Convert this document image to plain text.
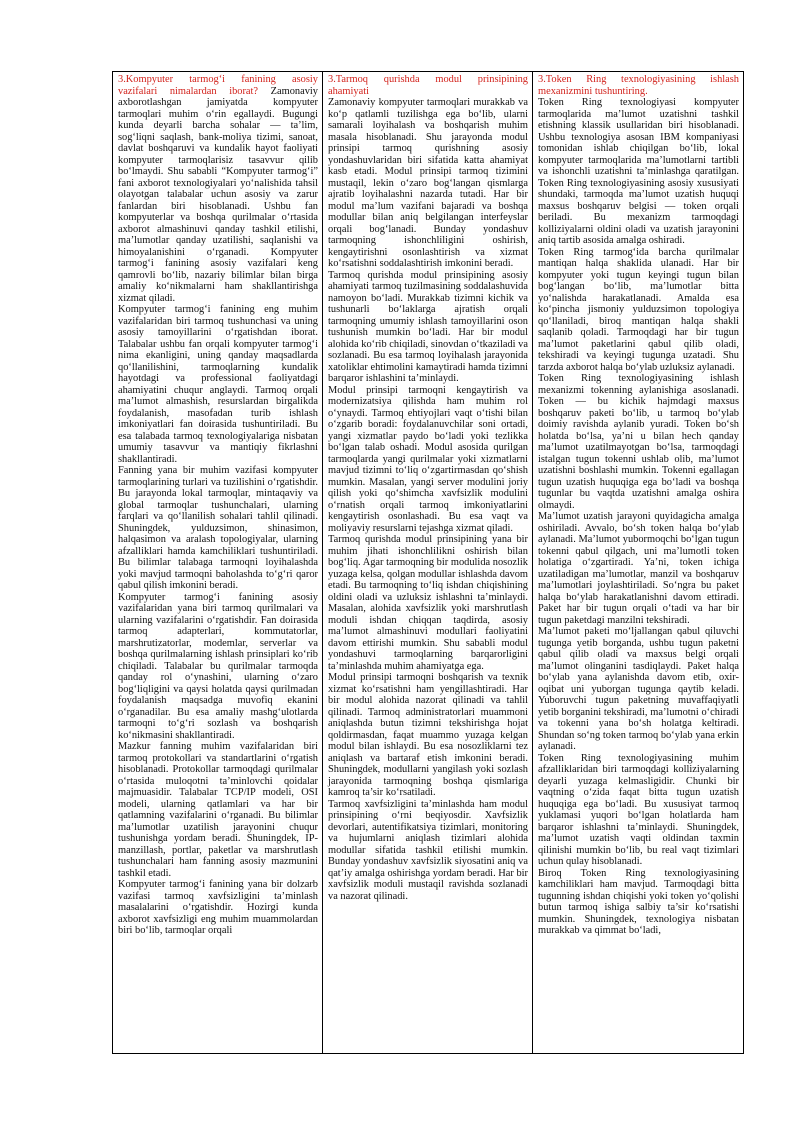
3.Kompyuter tarmog‘i fanining asosiy vazifalari nimalardan iborat? Zamonaviy axborotlashgan jamiyatda kompyuter tarmoqlari muhim o‘rin egallaydi. Bugungi kunda deyarli barcha sohalar — ta’lim, sog‘liqni saqlash, bank-moliya tizimi, sanoat, davlat boshqaruvi va kundalik hayot faoliyati kompyuter tarmoqlarisiz tasavvur qilib bo‘lmaydi. Shu sababli “Kompyuter tarmog‘i” fani axborot texnologiyalari yo‘nalishida tahsil olayotgan talabalar uchun asosiy va zarur fanlardan biri hisoblanadi. Ushbu fan kompyuterlar va boshqa qurilmalar o‘rtasida axborot almashinuvi qanday tashkil etilishi, ma’lumotlar qanday uzatilishi, saqlanishi va himoyalanishini o‘rganadi. Kompyuter tarmog‘i fanining asosiy vazifalari keng qamrovli bo‘lib, nazariy bilimlar bilan birga amaliy ko‘nikmalarni ham shakllantirishga xizmat qiladi.

Kompyuter tarmog‘i fanining eng muhim vazifalaridan biri tarmoq tushunchasi va uning asosiy tamoyillarini o‘rgatishdan iborat. Talabalar ushbu fan orqali kompyuter tarmog‘i nima ekanligini, uning qanday maqsadlarda qo‘llanilishini, tarmoqlarning kundalik hayotdagi va professional faoliyatdagi ahamiyatini chuqur anglaydi. Tarmoq orqali ma’lumot almashish, resurslardan birgalikda foydalanish, masofadan turib ishlash imkoniyatlari fan doirasida tushuntiriladi. Bu esa talabada tarmoq texnologiyalariga nisbatan umumiy tasavvur va mantiqiy fikrlashni shakllantiradi.

Fanning yana bir muhim vazifasi kompyuter tarmoqlarining turlari va tuzilishini o‘rgatishdir. Bu jarayonda lokal tarmoqlar, mintaqaviy va global tarmoqlar tushunchalari, ularning farqlari va qo‘llanilish sohalari tahlil qilinadi. Shuningdek, yulduzsimon, shinasimon, halqasimon va aralash topologiyalar, ularning afzalliklari hamda kamchiliklari tushuntiriladi. Bu bilimlar talabaga tarmoqni loyihalashda yoki mavjud tarmoqni baholashda to‘g‘ri qaror qabul qilish imkonini beradi.

Kompyuter tarmog‘i fanining asosiy vazifalaridan yana biri tarmoq qurilmalari va ularning vazifalarini o‘rgatishdir. Fan doirasida tarmoq adapterlari, kommutatorlar, marshrutizatorlar, modemlar, serverlar va boshqa qurilmalarning ishlash prinsiplari ko‘rib chiqiladi. Talabalar bu qurilmalar tarmoqda qanday rol o‘ynashini, ularning o‘zaro bog‘liqligini va qaysi holatda qaysi qurilmadan foydalanish maqsadga muvofiq ekanini o‘rganadilar. Bu esa amaliy mashg‘ulotlarda tarmoqni to‘g‘ri sozlash va boshqarish ko‘nikmasini shakllantiradi.

Mazkur fanning muhim vazifalaridan biri tarmoq protokollari va standartlarini o‘rgatish hisoblanadi. Protokollar tarmoqdagi qurilmalar o‘rtasida muloqotni ta’minlovchi qoidalar majmuasidir. Talabalar TCP/IP modeli, OSI modeli, ularning qatlamlari va har bir qatlamning vazifalarini o‘rganadi. Bu bilimlar ma’lumotlar uzatilish jarayonini chuqur tushunishga yordam beradi. Shuningdek, IP-manzillash, portlar, paketlar va marshrutlash tushunchalari ham fanning asosiy mazmunini tashkil etadi.

Kompyuter tarmog‘i fanining yana bir dolzarb vazifasi tarmoq xavfsizligini ta’minlash masalalarini o‘rgatishdir. Hozirgi kunda axborot xavfsizligi eng muhim muammolardan biri bo‘lib, tarmoqlar orqali

3.Tarmoq qurishda modul prinsipining ahamiyati

Zamonaviy kompyuter tarmoqlari murakkab va ko‘p qatlamli tuzilishga ega bo‘lib, ularni samarali loyihalash va boshqarish muhim masala hisoblanadi. Shu jarayonda modul prinsipi tarmoq qurishning asosiy yondashuvlaridan biri sifatida katta ahamiyat kasb etadi. Modul prinsipi tarmoq tizimini mustaqil, lekin o‘zaro bog‘langan qismlarga ajratib loyihalashni nazarda tutadi. Har bir modul ma’lum vazifani bajaradi va boshqa modullar bilan aniq belgilangan interfeyslar orqali bog‘lanadi. Bunday yondashuv tarmoqning ishonchliligini oshirish, kengaytirishni osonlashtirish va xizmat ko‘rsatishni soddalashtirish imkonini beradi.

Tarmoq qurishda modul prinsipining asosiy ahamiyati tarmoq tuzilmasining soddalashuvida namoyon bo‘ladi. Murakkab tizimni kichik va tushunarli bo‘laklarga ajratish orqali tarmoqning umumiy ishlash tamoyillarini oson tushunish mumkin bo‘ladi. Har bir modul alohida ko‘rib chiqiladi, sinovdan o‘tkaziladi va sozlanadi. Bu esa tarmoq loyihalash jarayonida xatoliklar ehtimolini kamaytiradi hamda tizimni barqaror ishlashini ta’minlaydi.

Modul prinsipi tarmoqni kengaytirish va modernizatsiya qilishda ham muhim rol o‘ynaydi. Tarmoq ehtiyojlari vaqt o‘tishi bilan o‘zgarib boradi: foydalanuvchilar soni ortadi, yangi xizmatlar paydo bo‘ladi yoki tezlikka bo‘lgan talab oshadi. Modul asosida qurilgan tarmoqlarda yangi qurilmalar yoki xizmatlarni mavjud tizimni to‘liq o‘zgartirmasdan qo‘shish mumkin. Masalan, yangi server modulini joriy qilish yoki qo‘shimcha xavfsizlik modulini o‘rnatish orqali tarmoq imkoniyatlarini kengaytirish osonlashadi. Bu esa vaqt va moliyaviy resurslarni tejashga xizmat qiladi.

Tarmoq qurishda modul prinsipining yana bir muhim jihati ishonchlilikni oshirish bilan bog‘liq. Agar tarmoqning bir modulida nosozlik yuzaga kelsa, qolgan modullar ishlashda davom etadi. Bu tarmoqning to‘liq ishdan chiqishining oldini oladi va uzluksiz ishlashni ta’minlaydi. Masalan, alohida xavfsizlik yoki marshrutlash moduli ishdan chiqqan taqdirda, asosiy ma’lumot almashinuvi modullari faoliyatini davom ettirishi mumkin. Shu sababli modul yondashuvi tarmoqlarning barqarorligini ta’minlashda muhim ahamiyatga ega.

Modul prinsipi tarmoqni boshqarish va texnik xizmat ko‘rsatishni ham yengillashtiradi. Har bir modul alohida nazorat qilinadi va tahlil qilinadi. Tarmoq administratorlari muammoni aniqlashda butun tizimni tekshirishga hojat qoldirmasdan, faqat muammo yuzaga kelgan modul bilan ishlaydi. Bu esa nosozliklarni tez aniqlash va bartaraf etish imkonini beradi. Shuningdek, modullarni yangilash yoki sozlash jarayonida tarmoqning boshqa qismlariga kamroq ta’sir ko‘rsatiladi.

Tarmoq xavfsizligini ta’minlashda ham modul prinsipining o‘rni beqiyosdir. Xavfsizlik devorlari, autentifikatsiya tizimlari, monitoring va hujumlarni aniqlash tizimlari alohida modullar sifatida tashkil etilishi mumkin. Bunday yondashuv xavfsizlik siyosatini aniq va qat’iy amalga oshirishga yordam beradi. Har bir xavfsizlik moduli mustaqil ravishda sozlanadi va nazorat qilinadi.

3.Token Ring texnologiyasining ishlash mexanizmini tushuntiring.

Token Ring texnologiyasi kompyuter tarmoqlarida ma’lumot uzatishni tashkil etishning klassik usullaridan biri hisoblanadi. Ushbu texnologiya asosan IBM kompaniyasi tomonidan ishlab chiqilgan bo‘lib, lokal kompyuter tarmoqlarida ma’lumotlarni tartibli va ishonchli uzatishni ta’minlashga qaratilgan. Token Ring texnologiyasining asosiy xususiyati shundaki, tarmoqda ma’lumot uzatish huquqi maxsus boshqaruv belgisi — token orqali beriladi. Bu mexanizm tarmoqdagi kolliziyalarni oldini oladi va uzatish jarayonini aniq tartib asosida amalga oshiradi.

Token Ring tarmog‘ida barcha qurilmalar mantiqan halqa shaklida ulanadi. Har bir kompyuter yoki tugun keyingi tugun bilan bog‘langan bo‘lib, ma’lumotlar bitta yo‘nalishda harakatlanadi. Amalda esa ko‘pincha jismoniy yulduzsimon topologiya qo‘llaniladi, biroq mantiqan halqa shakli saqlanib qoladi. Tarmoqdagi har bir tugun ma’lumot paketlarini qabul qilib oladi, tekshiradi va keyingi tugunga uzatadi. Shu tarzda axborot halqa bo‘ylab uzluksiz aylanadi.

Token Ring texnologiyasining ishlash mexanizmi tokenning aylanishiga asoslanadi. Token — bu kichik hajmdagi maxsus boshqaruv paketi bo‘lib, u tarmoq bo‘ylab doimiy ravishda aylanib yuradi. Token bo‘sh holatda bo‘lsa, ya’ni u bilan hech qanday ma’lumot uzatilmayotgan bo‘lsa, tarmoqdagi istalgan tugun tokenni ushlab olib, ma’lumot uzatishni boshlashi mumkin. Tokenni egallagan tugun uzatish huquqiga ega bo‘ladi va boshqa tugunlar bu vaqtda uzatishni amalga oshira olmaydi.

Ma’lumot uzatish jarayoni quyidagicha amalga oshiriladi. Avvalo, bo‘sh token halqa bo‘ylab aylanadi. Ma’lumot yubormoqchi bo‘lgan tugun tokenni qabul qilgach, uni ma’lumotli token holatiga o‘zgartiradi. Ya’ni, token ichiga uzatiladigan ma’lumotlar, manzil va boshqaruv ma’lumotlari joylashtiriladi. So‘ngra bu paket halqa bo‘ylab harakatlanishni davom ettiradi. Paket har bir tugun orqali o‘tadi va har bir tugun paketdagi manzilni tekshiradi.

Ma’lumot paketi mo‘ljallangan qabul qiluvchi tugunga yetib borganda, ushbu tugun paketni qabul qilib oladi va maxsus belgi orqali ma’lumot olinganini tasdiqlaydi. Paket halqa bo‘ylab yana aylanishda davom etib, oxir-oqibat uni yuborgan tugunga qaytib keladi. Yuboruvchi tugun paketning muvaffaqiyatli yetib borganini tekshiradi, ma’lumotni o‘chiradi va tokenni yana bo‘sh holatga keltiradi. Shundan so‘ng token tarmoq bo‘ylab yana erkin aylanadi.

Token Ring texnologiyasining muhim afzalliklaridan biri tarmoqdagi kolliziyalarning deyarli yuzaga kelmasligidir. Chunki bir vaqtning o‘zida faqat bitta tugun uzatish huquqiga ega bo‘ladi. Bu xususiyat tarmoq yuklamasi yuqori bo‘lgan holatlarda ham barqaror ishlashni ta’minlaydi. Shuningdek, ma’lumot uzatish vaqti oldindan taxmin qilinishi mumkin bo‘lib, bu real vaqt tizimlari uchun qulay hisoblanadi.

Biroq Token Ring texnologiyasining kamchiliklari ham mavjud. Tarmoqdagi bitta tugunning ishdan chiqishi yoki token yo‘qolishi butun tarmoq ishiga salbiy ta’sir ko‘rsatishi mumkin. Shuningdek, texnologiya nisbatan murakkab va qimmat bo‘ladi,
